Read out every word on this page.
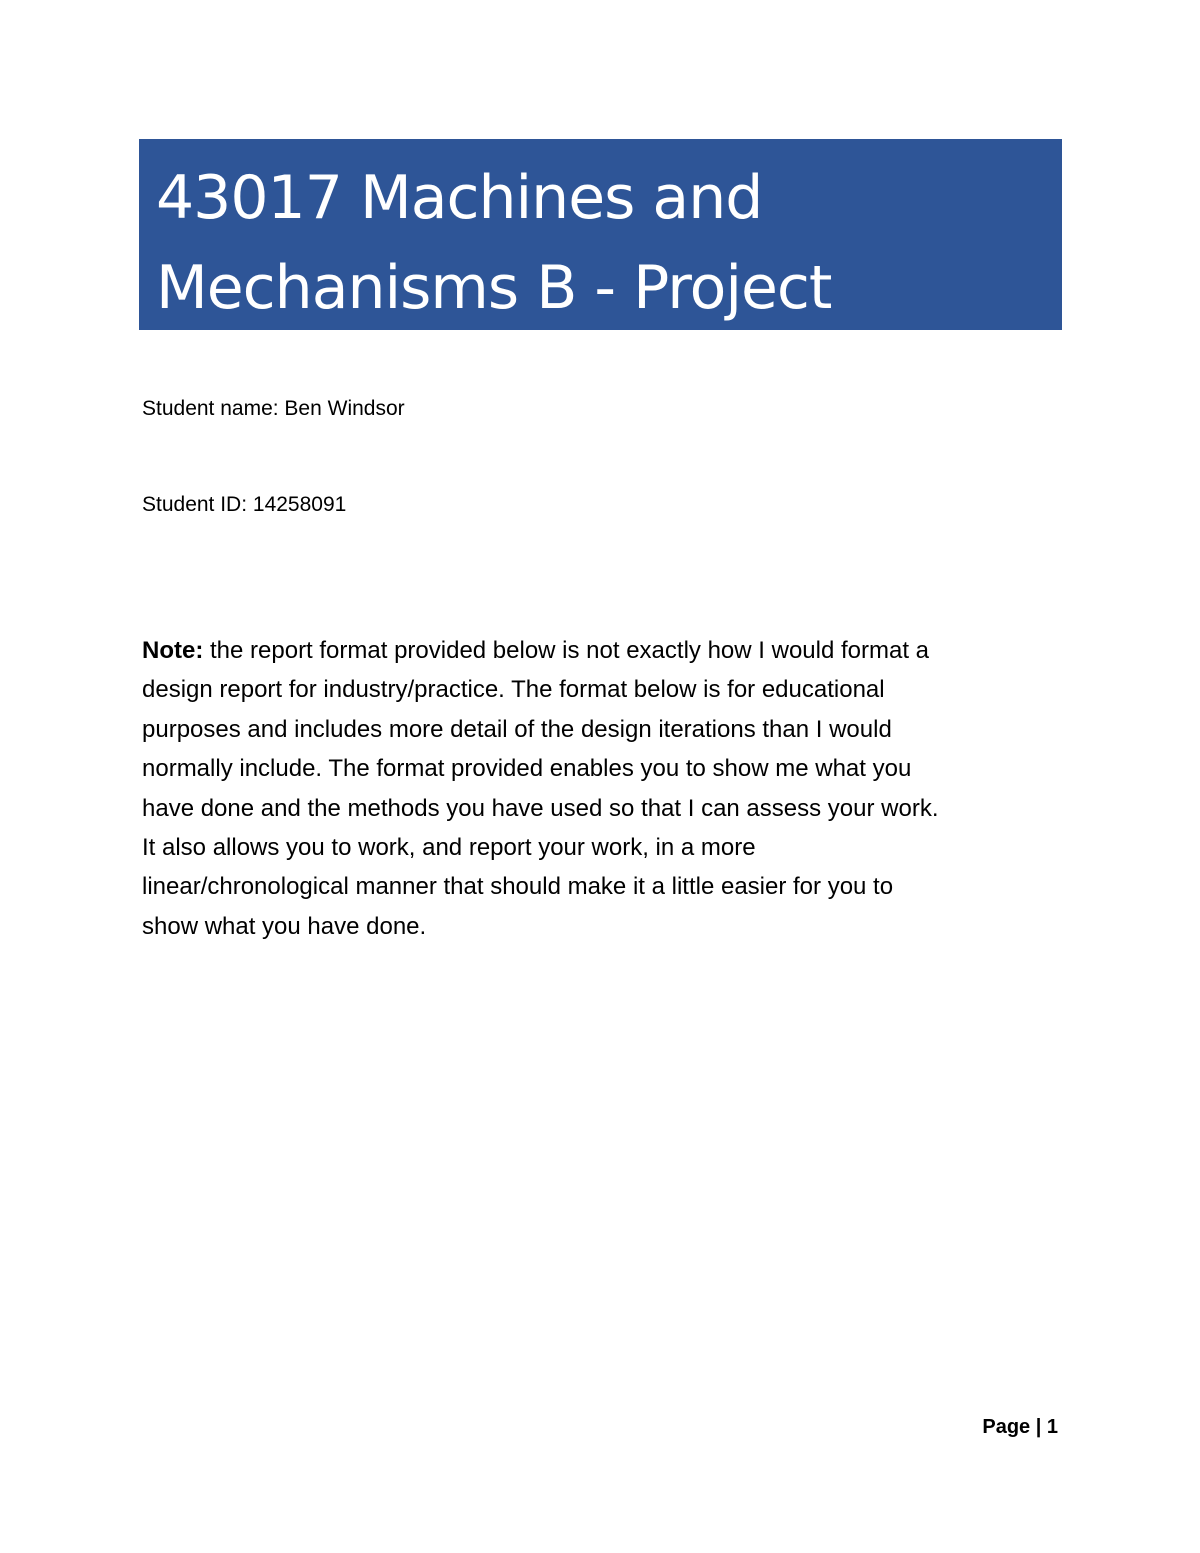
43017 Machines and
Mechanisms B - Project
Student name: Ben Windsor
Student ID: 14258091
Note: the report format provided below is not exactly how I would format a
design report for industry/practice. The format below is for educational
purposes and includes more detail of the design iterations than I would
normally include. The format provided enables you to show me what you
have done and the methods you have used so that I can assess your work.
It also allows you to work, and report your work, in a more
linear/chronological manner that should make it a little easier for you to
show what you have done.
Page | 1
